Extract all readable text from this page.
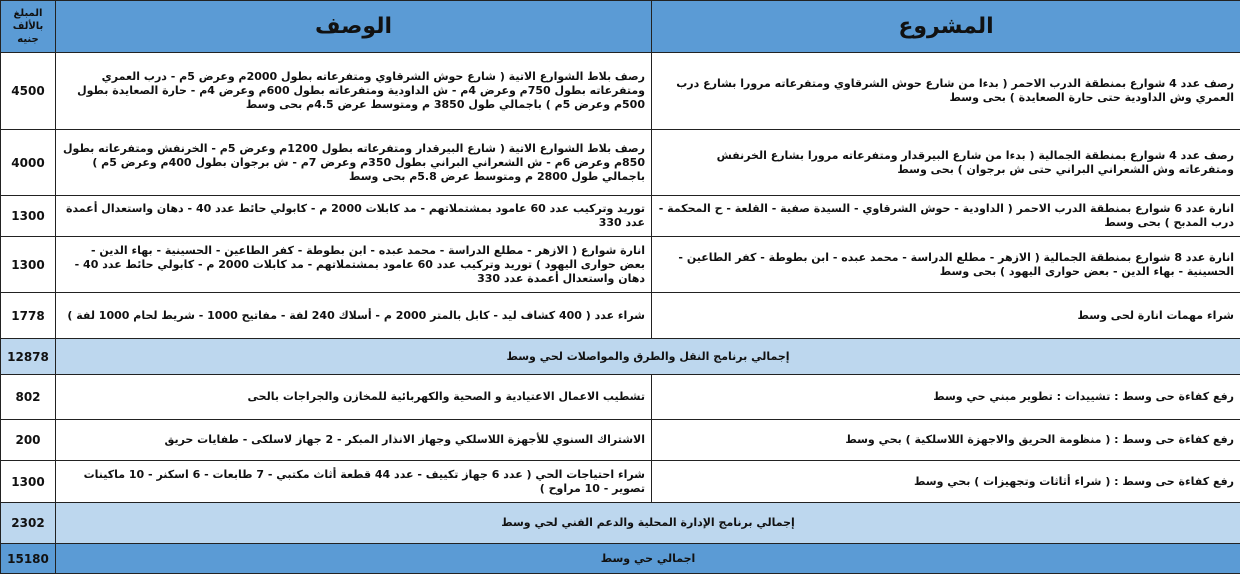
المبلغ
بالألف جنيه	الوصف	المشروع
4500	رصف بلاط الشوارع الاتية ( شارع حوش الشرقاوي ومتفرعاته بطول 2000م وعرض 5م - درب العمري ومتفرعاته بطول 750م وعرض 4م - ش الداودية ومتفرعاته بطول 600م وعرض 4م - حارة الصعايدة بطول 500م وعرض 5م ) باجمالي طول 3850 م ومتوسط عرض 4.5م بحى وسط	رصف عدد 4 شوارع بمنطقة الدرب الاحمر ( بدءا من شارع حوش الشرقاوي ومتفرعاته مرورا بشارع درب العمري وش الداودية حتى حارة الصعايدة ) بحى وسط
4000	رصف بلاط الشوارع الاتية ( شارع البيرقدار ومتفرعاته بطول 1200م وعرض 5م - الخرنفش ومتفرعاته بطول 850م وعرض 6م - ش الشعراني البراني بطول 350م وعرض 7م - ش برجوان بطول 400م وعرض 5م ) باجمالي طول 2800 م ومتوسط عرض 5.8م بحى وسط	رصف عدد 4 شوارع بمنطقة الجمالية ( بدءا من شارع البيرقدار ومتفرعاته مرورا بشارع الخرنفش ومتفرعاته وش الشعراني البراني حتى ش برجوان ) بحى وسط
1300	توريد وتركيب عدد 60 عامود بمشتملاتهم - مد كابلات 2000 م - كابولي حائط عدد 40 - دهان واستعدال أعمدة عدد 330	انارة عدد 6 شوارع بمنطقة الدرب الاحمر ( الداودية - حوش الشرقاوي - السيدة صفية - القلعة - ح المحكمة - درب المدبح ) بحى وسط
1300	انارة شوارع ( الازهر - مطلع الدراسة - محمد عبده - ابن بطوطة - كفر الطاعين - الحسينية - بهاء الدين - بعض حوارى اليهود ) توريد وتركيب عدد 60 عامود بمشتملاتهم - مد كابلات 2000 م - كابولي حائط عدد 40 - دهان واستعدال أعمدة عدد 330	انارة عدد 8 شوارع بمنطقة الجمالية ( الازهر - مطلع الدراسة - محمد عبده - ابن بطوطة - كفر الطاعين - الحسينية - بهاء الدين - بعض حوارى اليهود ) بحى وسط
1778	شراء عدد ( 400 كشاف ليد - كابل بالمتر 2000 م - أسلاك 240 لفة - مفاتيح 1000 - شريط لحام 1000 لفة )	شراء مهمات انارة لحى وسط
12878	إجمالي برنامج النقل والطرق والمواصلات لحي وسط	
802	تشطيب الاعمال الاعتيادية و الصحية والكهربائية للمخازن والجراجات بالحى	رفع كفاءة حى وسط : تشييدات : تطوير مبني حي وسط
200	الاشتراك السنوي للأجهزة اللاسلكي وجهاز الانذار المبكر - 2 جهاز لاسلكى - طفايات حريق	رفع كفاءة حى وسط : ( منظومة الحريق والاجهزة اللاسلكية ) بحي وسط
1300	شراء احتياجات الحي ( عدد 6 جهاز تكييف - عدد 44 قطعة أثاث مكتبي - 7 طابعات - 6 اسكنر - 10 ماكينات تصوير - 10 مراوح )	رفع كفاءة حى وسط : ( شراء أثاثات وتجهيزات ) بحي وسط
2302	إجمالي برنامج الإدارة المحلية والدعم الفني لحي وسط	
15180	اجمالي حي وسط	
